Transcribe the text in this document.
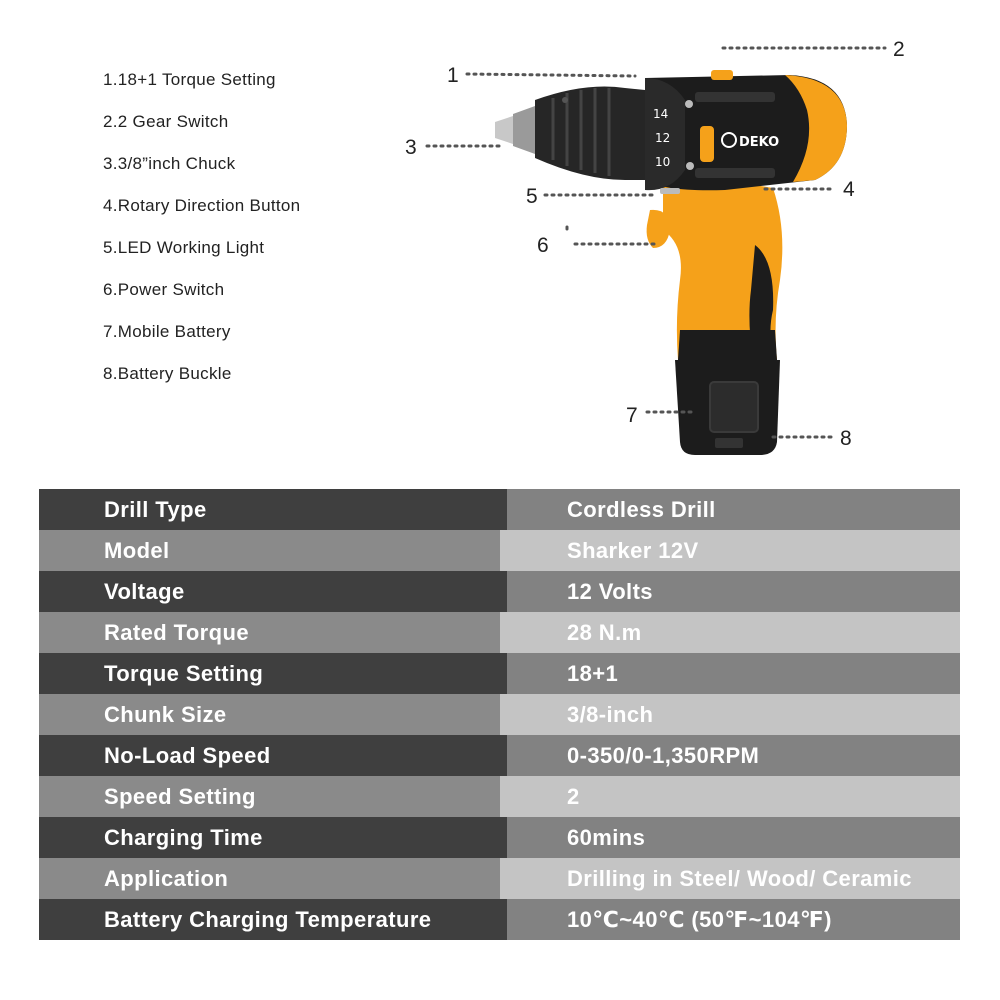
1.18+1 Torque Setting
2.2 Gear Switch
3.3/8”inch Chuck
4.Rotary Direction Button
5.LED Working Light
6.Power Switch
7.Mobile Battery
8.Battery Buckle
DEKO
14
12
10
1
2
3
4
5
6
7
8
Drill Type	Cordless Drill
Model	Sharker 12V
Voltage	12 Volts
Rated Torque	28 N.m
Torque Setting	18+1
Chunk Size	3/8-inch
No-Load Speed	0-350/0-1,350RPM
Speed Setting	2
Charging Time	60mins
Application	Drilling in Steel/ Wood/ Ceramic
Battery Charging Temperature	10℃~40℃ (50℉~104℉)
